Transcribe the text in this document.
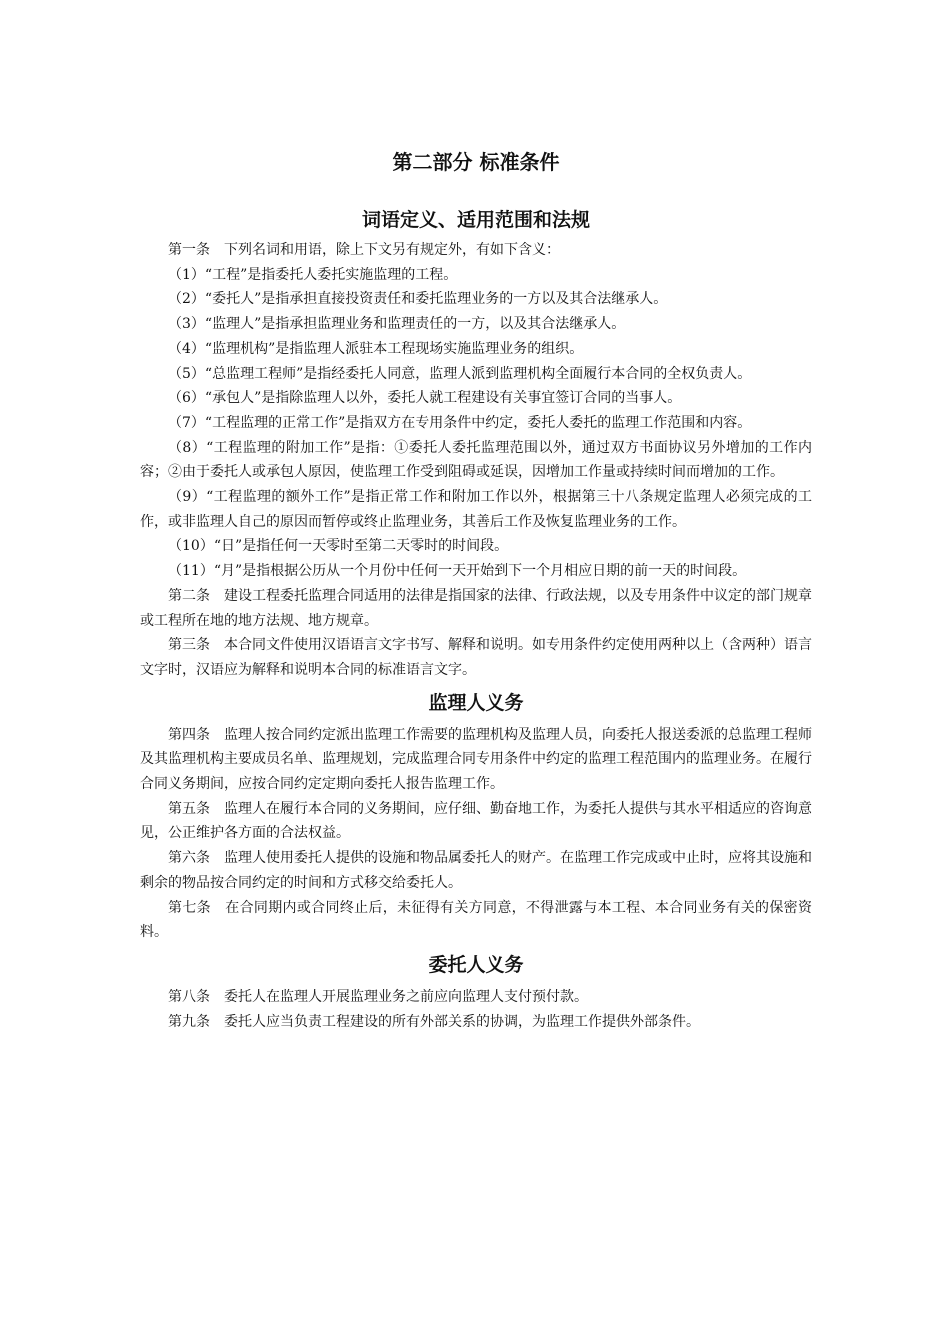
第二部分 标准条件
词语定义、适用范围和法规

第一条　下列名词和用语，除上下文另有规定外，有如下含义：

（1）“工程”是指委托人委托实施监理的工程。

（2）“委托人”是指承担直接投资责任和委托监理业务的一方以及其合法继承人。

（3）“监理人”是指承担监理业务和监理责任的一方，以及其合法继承人。

（4）“监理机构”是指监理人派驻本工程现场实施监理业务的组织。

（5）“总监理工程师”是指经委托人同意，监理人派到监理机构全面履行本合同的全权负责人。

（6）“承包人”是指除监理人以外，委托人就工程建设有关事宜签订合同的当事人。

（7）“工程监理的正常工作”是指双方在专用条件中约定，委托人委托的监理工作范围和内容。

（8）“工程监理的附加工作”是指：①委托人委托监理范围以外，通过双方书面协议另外增加的工作内容；②由于委托人或承包人原因，使监理工作受到阻碍或延误，因增加工作量或持续时间而增加的工作。

（9）“工程监理的额外工作”是指正常工作和附加工作以外，根据第三十八条规定监理人必须完成的工作，或非监理人自己的原因而暂停或终止监理业务，其善后工作及恢复监理业务的工作。

（10）“日”是指任何一天零时至第二天零时的时间段。

（11）“月”是指根据公历从一个月份中任何一天开始到下一个月相应日期的前一天的时间段。

第二条　建设工程委托监理合同适用的法律是指国家的法律、行政法规，以及专用条件中议定的部门规章或工程所在地的地方法规、地方规章。

第三条　本合同文件使用汉语语言文字书写、解释和说明。如专用条件约定使用两种以上（含两种）语言文字时，汉语应为解释和说明本合同的标准语言文字。

监理人义务

第四条　监理人按合同约定派出监理工作需要的监理机构及监理人员，向委托人报送委派的总监理工程师及其监理机构主要成员名单、监理规划，完成监理合同专用条件中约定的监理工程范围内的监理业务。在履行合同义务期间，应按合同约定定期向委托人报告监理工作。

第五条　监理人在履行本合同的义务期间，应仔细、勤奋地工作，为委托人提供与其水平相适应的咨询意见，公正维护各方面的合法权益。

第六条　监理人使用委托人提供的设施和物品属委托人的财产。在监理工作完成或中止时，应将其设施和剩余的物品按合同约定的时间和方式移交给委托人。

第七条　在合同期内或合同终止后，未征得有关方同意，不得泄露与本工程、本合同业务有关的保密资料。

委托人义务

第八条　委托人在监理人开展监理业务之前应向监理人支付预付款。

第九条　委托人应当负责工程建设的所有外部关系的协调，为监理工作提供外部条件。
